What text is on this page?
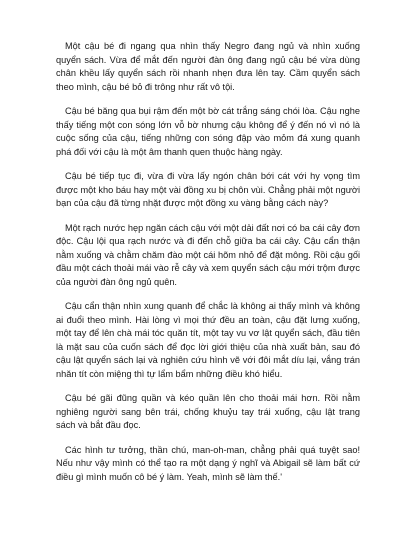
Một cậu bé đi ngang qua nhìn thấy Negro đang ngủ và nhìn xuống quyển sách. Vừa để mắt đến người đàn ông đang ngủ cậu bé vừa dùng chân khều lấy quyển sách rồi nhanh nhẹn đưa lên tay. Cầm quyển sách theo mình, cậu bé bỏ đi trông như rất vô tội.

Cậu bé băng qua bụi rậm đến một bờ cát trắng sáng chói lòa. Cậu nghe thấy tiếng một con sóng lớn vỗ bờ nhưng cậu không để ý đến nó vì nó là cuộc sống của cậu, tiếng những con sóng đập vào mỏm đá xung quanh phá đối với cậu là một âm thanh quen thuộc hàng ngày.

Cậu bé tiếp tục đi, vừa đi vừa lấy ngón chân bới cát với hy vọng tìm được một kho báu hay một vài đồng xu bị chôn vùi. Chẳng phải một người bạn của cậu đã từng nhặt được một đồng xu vàng bằng cách này?

Một rạch nước hẹp ngăn cách cậu với một dải đất nơi có ba cái cây đơn độc. Cậu lội qua rạch nước và đi đến chỗ giữa ba cái cây. Cậu cẩn thận nằm xuống và chằm chăm đào một cái hõm nhỏ để đặt mông. Rồi cậu gối đầu một cách thoải mái vào rễ cây và xem quyển sách cậu mới trộm được của người đàn ông ngủ quên.

Cậu cẩn thận nhìn xung quanh để chắc là không ai thấy mình và không ai đuổi theo mình. Hài lòng vì mọi thứ đều an toàn, cậu đặt lưng xuống, một tay để lên chà mái tóc quăn tít, một tay vu vơ lật quyển sách, đầu tiên là mặt sau của cuốn sách để đọc lời giới thiệu của nhà xuất bản, sau đó cậu lật quyển sách lại và nghiên cứu hình vẽ với đôi mắt díu lại, vắng trán nhăn tít còn miệng thì tự lẩm bẩm những điều khó hiểu.

Cậu bé gãi đũng quần và kéo quần lên cho thoải mái hơn. Rồi nằm nghiêng người sang bên trái, chống khuỷu tay trái xuống, cậu lật trang sách và bắt đầu đọc.

Các hình tư tưởng, thần chú, man-oh-man, chẳng phải quá tuyệt sao! Nếu như vậy mình có thể tạo ra một dạng ý nghĩ và Abigail sẽ làm bất cứ điều gì mình muốn cô bé ý làm. Yeah, mình sẽ làm thế.'
